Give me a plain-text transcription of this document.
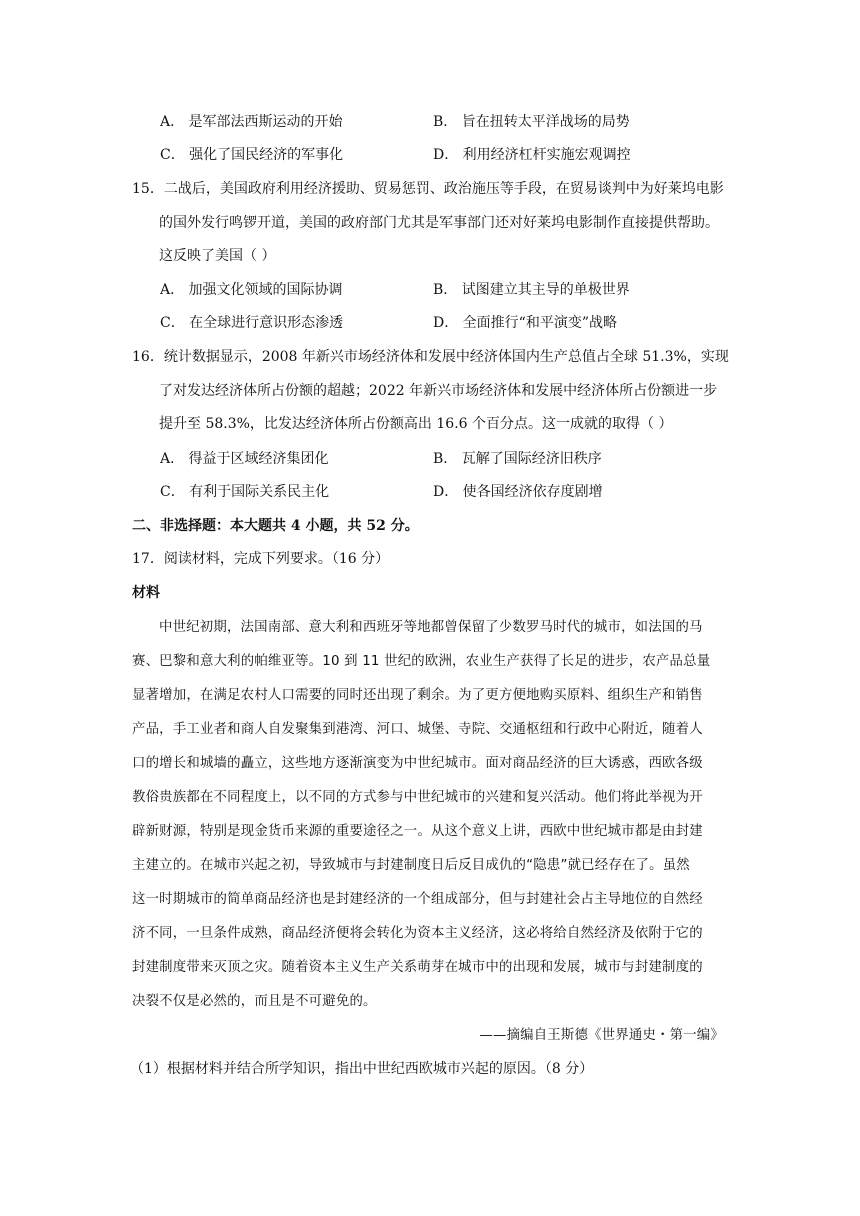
A． 是军部法西斯运动的开始	B． 旨在扭转太平洋战场的局势
C． 强化了国民经济的军事化	D． 利用经济杠杆实施宏观调控
15．二战后，美国政府利用经济援助、贸易惩罚、政治施压等手段，在贸易谈判中为好莱坞电影
的国外发行鸣锣开道，美国的政府部门尤其是军事部门还对好莱坞电影制作直接提供帮助。
这反映了美国（ ）
A． 加强文化领域的国际协调	B． 试图建立其主导的单极世界
C． 在全球进行意识形态渗透	D． 全面推行“和平演变”战略
16．统计数据显示，2008 年新兴市场经济体和发展中经济体国内生产总值占全球 51.3%，实现
了对发达经济体所占份额的超越；2022 年新兴市场经济体和发展中经济体所占份额进一步
提升至 58.3%，比发达经济体所占份额高出 16.6 个百分点。这一成就的取得（ ）
A． 得益于区域经济集团化	B． 瓦解了国际经济旧秩序
C． 有利于国际关系民主化	D． 使各国经济依存度剧增
二、非选择题：本大题共 4 小题，共 52 分。
17．阅读材料，完成下列要求。（16 分）
材料
中世纪初期，法国南部、意大利和西班牙等地都曾保留了少数罗马时代的城市，如法国的马
赛、巴黎和意大利的帕维亚等。10 到 11 世纪的欧洲，农业生产获得了长足的进步，农产品总量
显著增加，在满足农村人口需要的同时还出现了剩余。为了更方便地购买原料、组织生产和销售
产品，手工业者和商人自发聚集到港湾、河口、城堡、寺院、交通枢纽和行政中心附近，随着人
口的增长和城墙的矗立，这些地方逐渐演变为中世纪城市。面对商品经济的巨大诱惑，西欧各级
教俗贵族都在不同程度上，以不同的方式参与中世纪城市的兴建和复兴活动。他们将此举视为开
辟新财源，特别是现金货币来源的重要途径之一。从这个意义上讲，西欧中世纪城市都是由封建
主建立的。在城市兴起之初，导致城市与封建制度日后反目成仇的“隐患”就已经存在了。虽然
这一时期城市的简单商品经济也是封建经济的一个组成部分，但与封建社会占主导地位的自然经
济不同，一旦条件成熟，商品经济便将会转化为资本主义经济，这必将给自然经济及依附于它的
封建制度带来灭顶之灾。随着资本主义生产关系萌芽在城市中的出现和发展，城市与封建制度的
决裂不仅是必然的，而且是不可避免的。
——摘编自王斯德《世界通史・第一编》
（1）根据材料并结合所学知识，指出中世纪西欧城市兴起的原因。（8 分）
